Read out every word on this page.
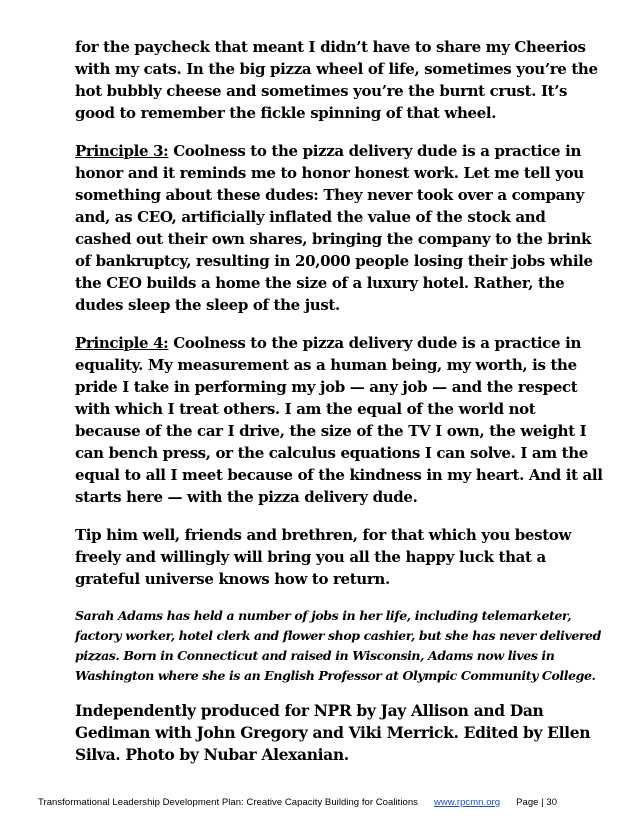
for the paycheck that meant I didn’t have to share my Cheerios with my cats. In the big pizza wheel of life, sometimes you’re the hot bubbly cheese and sometimes you’re the burnt crust. It’s good to remember the fickle spinning of that wheel.

Principle 3: Coolness to the pizza delivery dude is a practice in honor and it reminds me to honor honest work. Let me tell you something about these dudes: They never took over a company and, as CEO, artificially inflated the value of the stock and cashed out their own shares, bringing the company to the brink of bankruptcy, resulting in 20,000 people losing their jobs while the CEO builds a home the size of a luxury hotel. Rather, the dudes sleep the sleep of the just.

Principle 4: Coolness to the pizza delivery dude is a practice in equality. My measurement as a human being, my worth, is the pride I take in performing my job — any job — and the respect with which I treat others. I am the equal of the world not because of the car I drive, the size of the TV I own, the weight I can bench press, or the calculus equations I can solve. I am the equal to all I meet because of the kindness in my heart. And it all starts here — with the pizza delivery dude.

Tip him well, friends and brethren, for that which you bestow freely and willingly will bring you all the happy luck that a grateful universe knows how to return.

Sarah Adams has held a number of jobs in her life, including telemarketer, factory worker, hotel clerk and flower shop cashier, but she has never delivered pizzas. Born in Connecticut and raised in Wisconsin, Adams now lives in Washington where she is an English Professor at Olympic Community College.

Independently produced for NPR by Jay Allison and Dan Gediman with John Gregory and Viki Merrick. Edited by Ellen Silva. Photo by Nubar Alexanian.

Transformational Leadership Development Plan: Creative Capacity Building for Coalitions www.rpcmn.org Page | 30
